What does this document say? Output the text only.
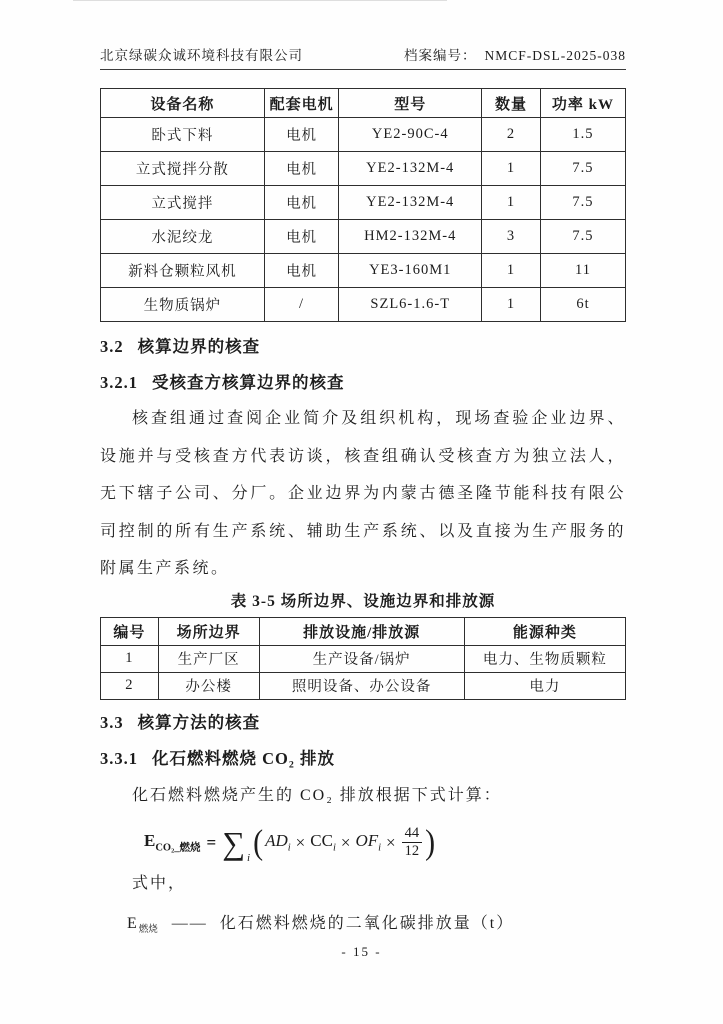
北京绿碳众诚环境科技有限公司	档案编号： NMCF-DSL-2025-038
设备名称	配套电机	型号	数量	功率 kW
卧式下料	电机	YE2-90C-4	2	1.5
立式搅拌分散	电机	YE2-132M-4	1	7.5
立式搅拌	电机	YE2-132M-4	1	7.5
水泥绞龙	电机	HM2-132M-4	3	7.5
新料仓颗粒风机	电机	YE3-160M1	1	11
生物质锅炉	/	SZL6-1.6-T	1	6t
3.2 核算边界的核查
3.2.1 受核查方核算边界的核查
核查组通过查阅企业简介及组织机构，现场查验企业边界、设施并与受核查方代表访谈，核查组确认受核查方为独立法人，无下辖子公司、分厂。企业边界为内蒙古德圣隆节能科技有限公司控制的所有生产系统、辅助生产系统、以及直接为生产服务的附属生产系统。
表 3-5 场所边界、设施边界和排放源
编号	场所边界	排放设施/排放源	能源种类
1	生产厂区	生产设备/锅炉	电力、生物质颗粒
2	办公楼	照明设备、办公设备	电力
3.3 核算方法的核查
3.3.1 化石燃料燃烧 CO₂ 排放
化石燃料燃烧产生的 CO₂ 排放根据下式计算：
$E_{CO_2\_燃烧}$ = ∑ i ( $AD_i \times CC_i \times OF_i \times \frac{44}{12}$ )
式中，
$E_{燃烧}$ —— 化石燃料燃烧的二氧化碳排放量（t）
- 15 -
